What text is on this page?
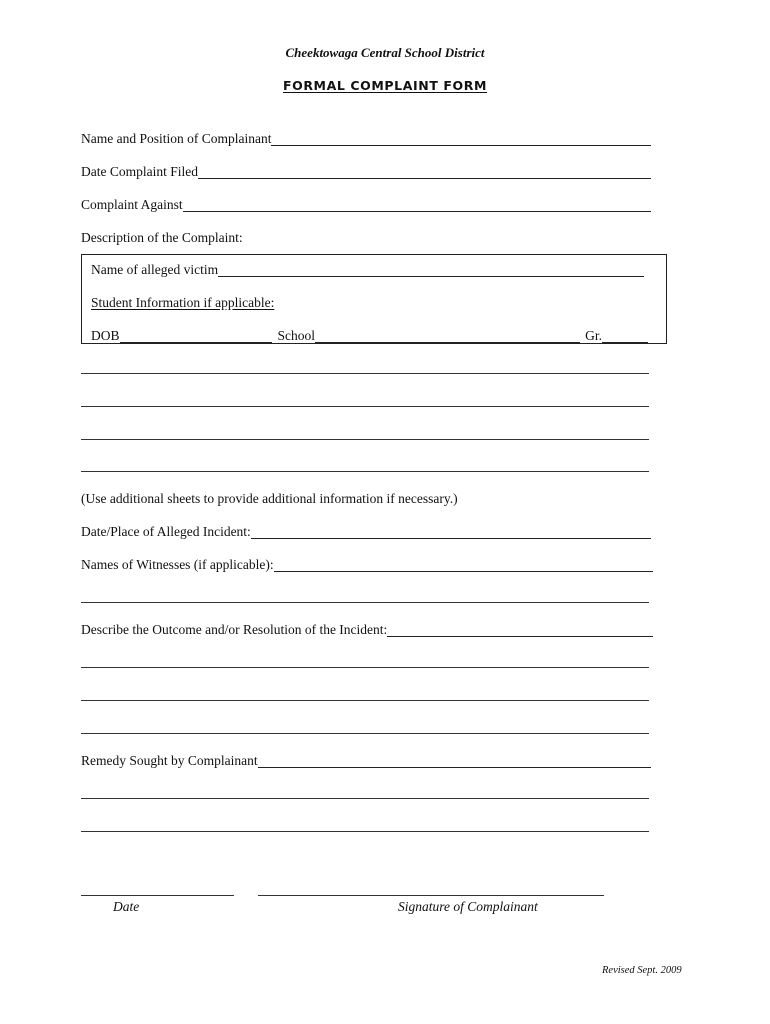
Cheektowaga Central School District
FORMAL COMPLAINT FORM
Name and Position of Complainant
Date Complaint Filed
Complaint Against
Description of the Complaint:
Name of alleged victim
Student Information if applicable:
DOB	School	Gr.
(Use additional sheets to provide additional information if necessary.)
Date/Place of Alleged Incident:
Names of Witnesses (if applicable):
Describe the Outcome and/or Resolution of the Incident:
Remedy Sought by Complainant
Date	Signature of Complainant
Revised Sept. 2009
